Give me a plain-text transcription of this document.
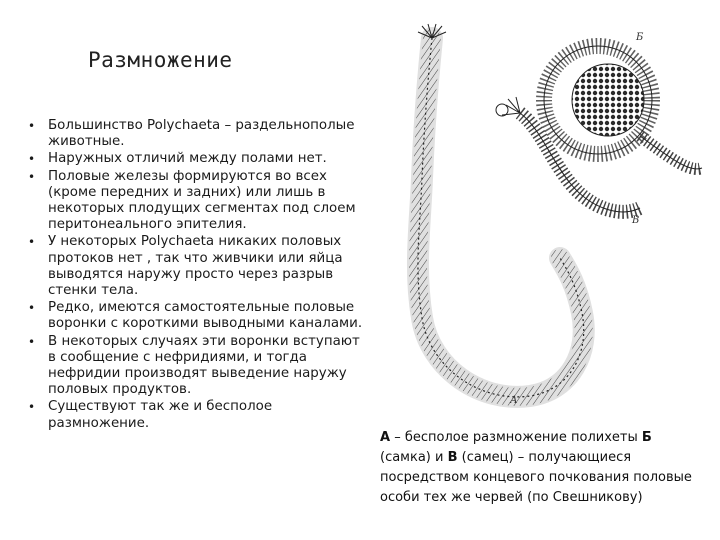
Размножение
• Большинство Polychaeta – раздельнополые животные.
• Наружных отличий между полами нет.
• Половые железы формируются во всех (кроме передних и задних) или лишь в некоторых плодущих сегментах под слоем перитонеального эпителия.
• У некоторых Polychaeta никаких половых протоков нет , так что живчики или яйца выводятся наружу просто через разрыв стенки тела.
• Редко, имеются самостоятельные половые воронки с короткими выводными каналами.
• В некоторых случаях эти воронки вступают в сообщение с нефридиями, и тогда нефридии производят выведение наружу половых продуктов.
• Существуют так же и бесполое размножение.
А
Б
В
А – бесполое размножение полихеты Б (самка) и В (самец) – получающиеся посредством концевого почкования половые особи тех же червей (по Свешникову)
